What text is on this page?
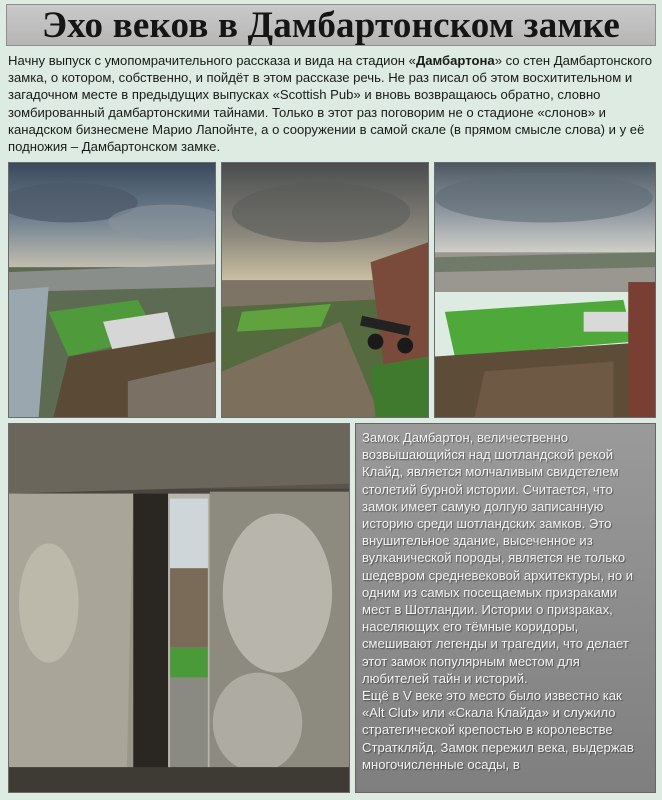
Эхо веков в Дамбартонском замке

Начну выпуск с умопомрачительного рассказа и вида на стадион «Дамбартона» со стен Дамбартонского замка, о котором, собственно, и пойдёт в этом рассказе речь. Не раз писал об этом восхитительном и загадочном месте в предыдущих выпусках «Scottish Pub» и вновь возвращаюсь обратно, словно зомбированный дамбартонскими тайнами. Только в этот раз поговорим не о стадионе «слонов» и канадском бизнесмене Марио Лапойнте, а о сооружении в самой скале (в прямом смысле слова) и у её подножия – Дамбартонском замке.

Замок Дамбартон, величественно возвышающийся над шотландской рекой Клайд, является молчаливым свидетелем столетий бурной истории. Считается, что замок имеет самую долгую записанную историю среди шотландских замков. Это внушительное здание, высеченное из вулканической породы, является не только шедевром средневековой архитектуры, но и одним из самых посещаемых призраками мест в Шотландии. Истории о призраках, населяющих его тёмные коридоры, смешивают легенды и трагедии, что делает этот замок популярным местом для любителей тайн и историй.

Ещё в V веке это место было известно как «Alt Clut» или «Скала Клайда» и служило стратегической крепостью в королевстве Страткляйд. Замок пережил века, выдержав многочисленные осады, в
